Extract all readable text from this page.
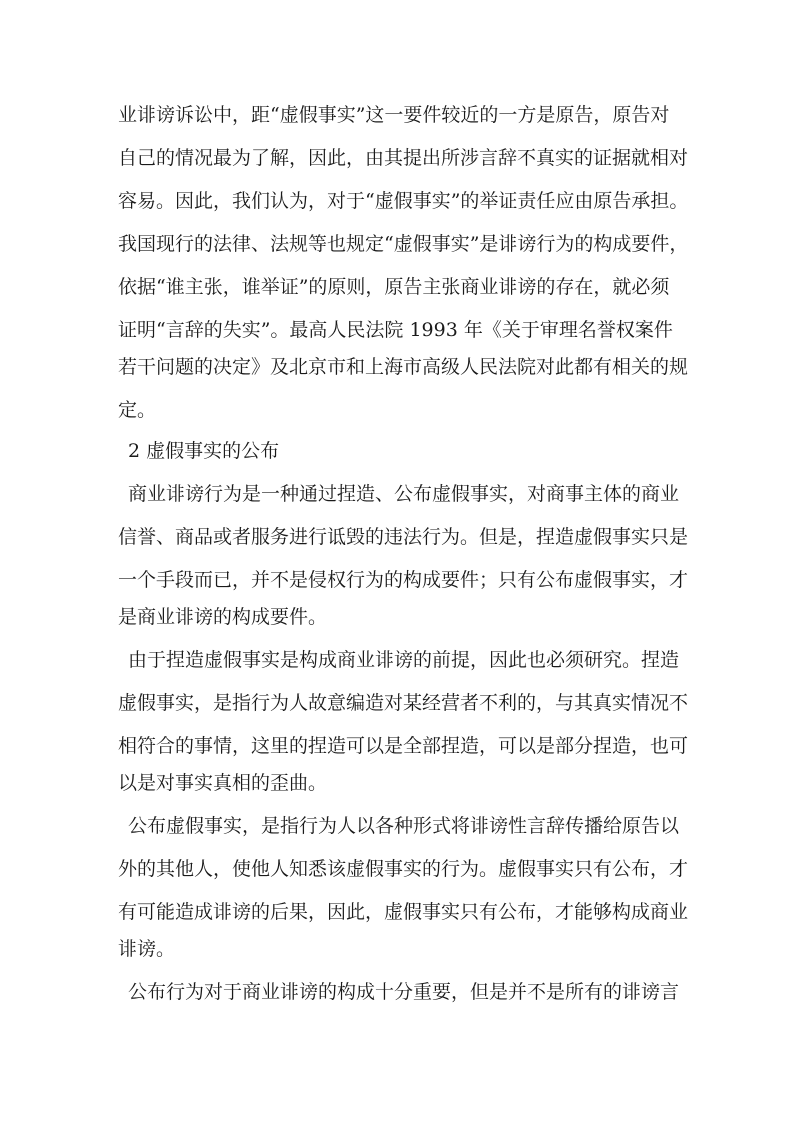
业诽谤诉讼中，距“虚假事实”这一要件较近的一方是原告，原告对
自己的情况最为了解，因此，由其提出所涉言辞不真实的证据就相对
容易。因此，我们认为，对于“虚假事实”的举证责任应由原告承担。
我国现行的法律、法规等也规定“虚假事实”是诽谤行为的构成要件，
依据“谁主张，谁举证”的原则，原告主张商业诽谤的存在，就必须
证明“言辞的失实”。最高人民法院 1993 年《关于审理名誉权案件
若干问题的决定》及北京市和上海市高级人民法院对此都有相关的规
定。
2 虚假事实的公布
商业诽谤行为是一种通过捏造、公布虚假事实，对商事主体的商业
信誉、商品或者服务进行诋毁的违法行为。但是，捏造虚假事实只是
一个手段而已，并不是侵权行为的构成要件；只有公布虚假事实，才
是商业诽谤的构成要件。
由于捏造虚假事实是构成商业诽谤的前提，因此也必须研究。捏造
虚假事实，是指行为人故意编造对某经营者不利的，与其真实情况不
相符合的事情，这里的捏造可以是全部捏造，可以是部分捏造，也可
以是对事实真相的歪曲。
公布虚假事实，是指行为人以各种形式将诽谤性言辞传播给原告以
外的其他人，使他人知悉该虚假事实的行为。虚假事实只有公布，才
有可能造成诽谤的后果，因此，虚假事实只有公布，才能够构成商业
诽谤。
公布行为对于商业诽谤的构成十分重要，但是并不是所有的诽谤言
